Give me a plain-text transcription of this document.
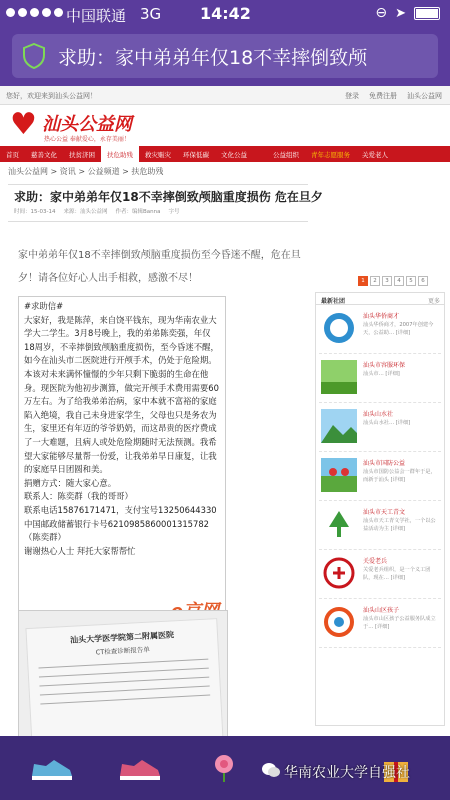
中国联通 3G 14:42	⊖ ➤
求助：家中弟弟年仅18不幸摔倒致颅
您好，欢迎来到汕头公益网！	登录 免费注册 汕头公益网
♥ 汕头公益网
热心公益 奉献爱心，永存美丽！
首页	慈善文化	扶贫济困	扶危助残	救灾赈灾	环保低碳	文化公益	公益组织	青年志愿服务	关爱老人
汕头公益网 > 资讯 > 公益频道 > 扶危助残
求助：家中弟弟年仅18不幸摔倒致颅脑重度损伤 危在旦夕
时间：15-03-14 来源：汕头公益网 作者：编辑Banna 字号
家中弟弟年仅18不幸摔倒致颅脑重度损伤至今昏迷不醒，危在旦夕！请各位好心人出手相救，感激不尽！

#求助信#

大家好，我是陈萍，来自饶平钱东，现为华南农业大学大二学生。3月8号晚上，我的弟弟陈奕强，年仅18周岁，不幸摔倒致颅脑重度损伤，至今昏迷不醒，如今在汕头市二医院进行开颅手术，仍处于危险期。本该对未来满怀憧憬的少年只剩下脆弱的生命在他身。现医院为他初步测算，做完开颅手术费用需要60万左右。为了给我弟弟治病，家中本就不富裕的家庭陷入绝境，我自己未身进家学生，父母也只是务农为生，家里还有年迈的爷爷奶奶，而这昂贵的医疗费成了一大难题，且病人或处危险期随时无法预测。我希望大家能够尽量帮一份爱，让我弟弟早日康复，让我的家庭早日团圆和美。

捐赠方式：随大家心意。

联系人：陈奕群（我的哥哥）

联系电话15876171471，支付宝号13250644330中国邮政储蓄银行卡号6210985860001315782（陈奕群）

谢谢热心人士 拜托大家帮帮忙

汕头大学医学院第二附属医院
CT检查诊断报告单
1	2	3	4	5	6
最新社团	更多
汕头华侨商才
汕头华侨商才，2007年创建今天，公益助… [详细]
汕头市容服环保
汕头市… [详细]
汕头山水社
汕头山水社… [详细]
汕头市国防公益
汕头市国防公益会一群年于是，而新于汕头 [详细]
汕头市天工青文
汕头市天工青文学社，一个以公益活动为主 [详细]
关爱老兵
关爱老兵组织，是一个义工团队，现在… [详细]
汕头山区孩子
汕头市山区孩子公益服务队成立于… [详细]
华南农业大学自强社
